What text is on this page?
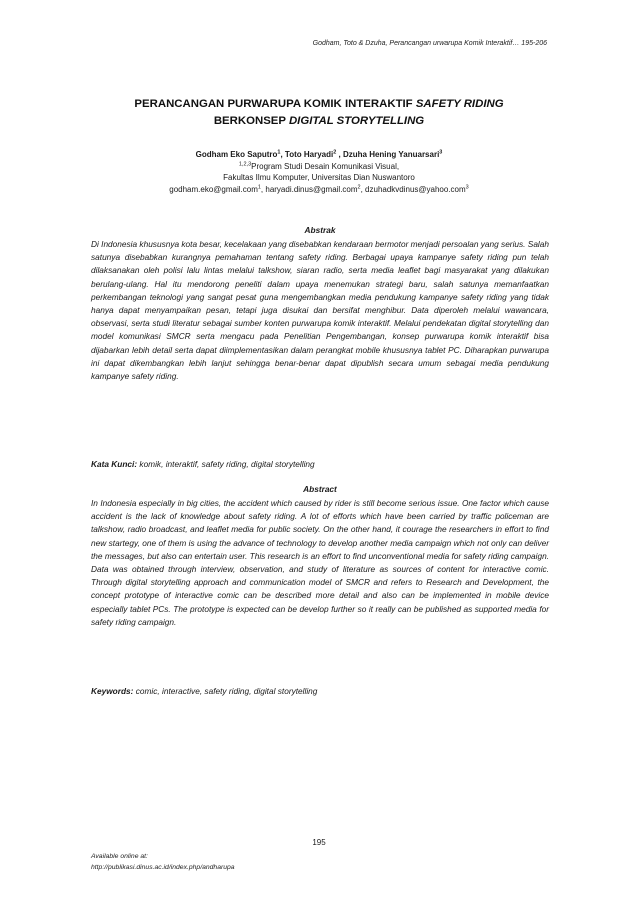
Godham, Toto & Dzuha, Perancangan urwarupa Komik Interaktif… 195-206
PERANCANGAN PURWARUPA KOMIK INTERAKTIF SAFETY RIDING
BERKONSEP DIGITAL STORYTELLING
Godham Eko Saputro$^1$, Toto Haryadi$^2$ , Dzuha Hening Yanuarsari$^3$
$^{1,2,3}$Program Studi Desain Komunikasi Visual,
Fakultas Ilmu Komputer, Universitas Dian Nuswantoro
godham.eko@gmail.com$^1$, haryadi.dinus@gmail.com$^2$, dzuhadkvdinus@yahoo.com$^3$
Abstrak
Di Indonesia khususnya kota besar, kecelakaan yang disebabkan kendaraan bermotor menjadi persoalan yang serius. Salah satunya disebabkan kurangnya pemahaman tentang safety riding. Berbagai upaya kampanye safety riding pun telah dilaksanakan oleh polisi lalu lintas melalui talkshow, siaran radio, serta media leaflet bagi masyarakat yang dilakukan berulang-ulang. Hal itu mendorong peneliti dalam upaya menemukan strategi baru, salah satunya memanfaatkan perkembangan teknologi yang sangat pesat guna mengembangkan media pendukung kampanye safety riding yang tidak hanya dapat menyampaikan pesan, tetapi juga disukai dan bersifat menghibur. Data diperoleh melalui wawancara, observasi, serta studi literatur sebagai sumber konten purwarupa komik interaktif. Melalui pendekatan digital storytelling dan model komunikasi SMCR serta mengacu pada Penelitian Pengembangan, konsep purwarupa komik interaktif bisa dijabarkan lebih detail serta dapat diimplementasikan dalam perangkat mobile khususnya tablet PC. Diharapkan purwarupa ini dapat dikembangkan lebih lanjut sehingga benar-benar dapat dipublish secara umum sebagai media pendukung kampanye safety riding.
Kata Kunci: komik, interaktif, safety riding, digital storytelling
Abstract
In Indonesia especially in big cities, the accident which caused by rider is still become serious issue. One factor which cause accident is the lack of knowledge about safety riding. A lot of efforts which have been carried by traffic policeman are talkshow, radio broadcast, and leaflet media for public society. On the other hand, it courage the researchers in effort to find new startegy, one of them is using the advance of technology to develop another media campaign which not only can deliver the messages, but also can entertain user. This research is an effort to find unconventional media for safety riding campaign. Data was obtained through interview, observation, and study of literature as sources of content for interactive comic. Through digital storytelling approach and communication model of SMCR and refers to Research and Development, the concept prototype of interactive comic can be described more detail and also can be implemented in mobile device especially tablet PCs. The prototype is expected can be develop further so it really can be published as supported media for safety riding campaign.
Keywords: comic, interactive, safety riding, digital storytelling
195
Available online at:
http://publikasi.dinus.ac.id/index.php/andharupa
